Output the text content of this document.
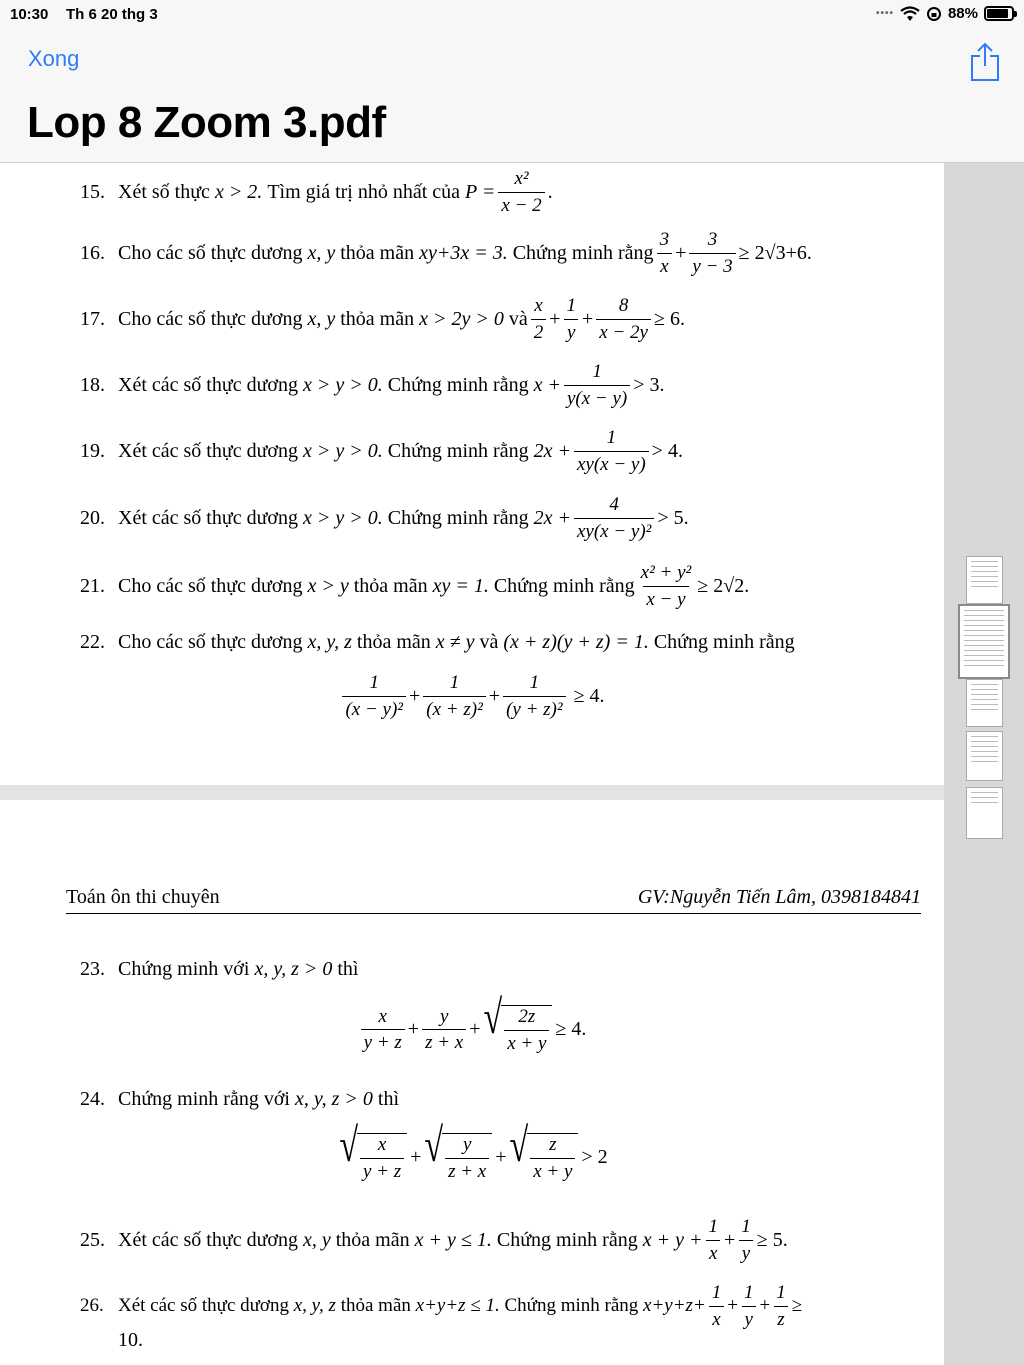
10:30 Th 6 20 thg 3	••••	88%
Xong
Lop 8 Zoom 3.pdf
15. Xét số thực
x > 2.
Tìm giá trị nhỏ nhất của
$P = \frac{\text{x²}}{x - 2}$ .
16. Cho các số thực dương
x, y
thỏa mãn
xy+3x = 3.
Chứng minh rằng $\frac{3}{x} + \frac{3}{y - 3} \ge 2√3+6$.
17. Cho các số thực dương
x, y
thỏa mãn
x > 2y > 0
và $\frac{x}{2} + \frac{1}{y} + \frac{8}{x - 2y} \ge 6$.
18. Xét các số thực dương
x > y > 0.
Chứng minh rằng
$x + \frac{1}{y(x - y)} > 3$.
19. Xét các số thực dương
x > y > 0.
Chứng minh rằng
$2x + \frac{1}{xy(x - y)} > 4$.
20. Xét các số thực dương
x > y > 0.
Chứng minh rằng
$2x + \frac{4}{\text{xy(x − y)²}} > 5$.
21. Cho các số thực dương
x > y
thỏa mãn
xy = 1.
Chứng minh rằng $\frac{\text{x² + y²}}{x - y} \ge 2√2$.
22. Cho các số thực dương
x, y, z
thỏa mãn
x ≠ y
và
(x + z)(y + z) = 1.
Chứng minh rằng
$\frac{1}{\text{(x − y)²}} + \frac{1}{\text{(x + z)²}} + \frac{1}{\text{(y + z)²}}$
≥ 4.
Toán ôn thi chuyên	GV:Nguyễn Tiến Lâm, 0398184841
23. Chứng minh với
x, y, z > 0
thì
$\frac{x}{y + z} + \frac{y}{z + x}$ + √ $\frac{2z}{x + y} \ge 4$.
24. Chứng minh rằng với
x, y, z > 0
thì
√ $\frac{x}{y + z}$ + √ $\frac{y}{z + x}$ + √ $\frac{z}{x + y} > 2$
25. Xét các số thực dương
x, y
thỏa mãn
x + y ≤ 1.
Chứng minh rằng
$x + y + \frac{1}{x} + \frac{1}{y} \ge 5$.
26. Xét các số thực dương
x, y, z
thỏa mãn
x+y+z ≤ 1.
Chứng minh rằng
$x+y+z+ \frac{1}{x} + \frac{1}{y} + \frac{1}{z}$ ≥
10.
